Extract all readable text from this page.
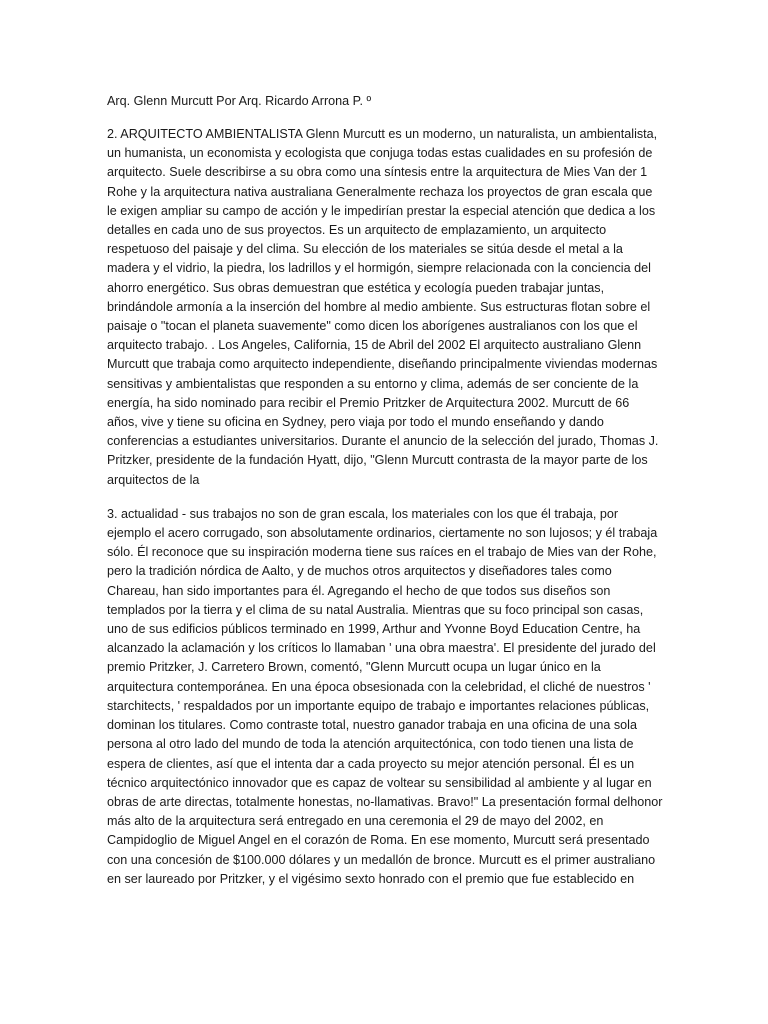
Arq. Glenn Murcutt Por Arq. Ricardo Arrona P. º

2. ARQUITECTO AMBIENTALISTA Glenn Murcutt es un moderno, un naturalista, un ambientalista, un humanista, un economista y ecologista que conjuga todas estas cualidades en su profesión de arquitecto. Suele describirse a su obra como una síntesis entre la arquitectura de Mies Van der 1 Rohe y la arquitectura nativa australiana Generalmente rechaza los proyectos de gran escala que le exigen ampliar su campo de acción y le impedirían prestar la especial atención que dedica a los detalles en cada uno de sus proyectos. Es un arquitecto de emplazamiento, un arquitecto respetuoso del paisaje y del clima. Su elección de los materiales se sitúa desde el metal a la madera y el vidrio, la piedra, los ladrillos y el hormigón, siempre relacionada con la conciencia del ahorro energético. Sus obras demuestran que estética y ecología pueden trabajar juntas, brindándole armonía a la inserción del hombre al medio ambiente. Sus estructuras flotan sobre el paisaje o "tocan el planeta suavemente" como dicen los aborígenes australianos con los que el arquitecto trabajo. . Los Angeles, California, 15 de Abril del 2002 El arquitecto australiano Glenn Murcutt que trabaja como arquitecto independiente, diseñando principalmente viviendas modernas sensitivas y ambientalistas que responden a su entorno y clima, además de ser conciente de la energía, ha sido nominado para recibir el Premio Pritzker de Arquitectura 2002. Murcutt de 66 años, vive y tiene su oficina en Sydney, pero viaja por todo el mundo enseñando y dando conferencias a estudiantes universitarios. Durante el anuncio de la selección del jurado, Thomas J. Pritzker, presidente de la fundación Hyatt, dijo, "Glenn Murcutt contrasta de la mayor parte de los arquitectos de la

3. actualidad - sus trabajos no son de gran escala, los materiales con los que él trabaja, por ejemplo el acero corrugado, son absolutamente ordinarios, ciertamente no son lujosos; y él trabaja sólo. Él reconoce que su inspiración moderna tiene sus raíces en el trabajo de Mies van der Rohe, pero la tradición nórdica de Aalto, y de muchos otros arquitectos y diseñadores tales como Chareau, han sido importantes para él. Agregando el hecho de que todos sus diseños son templados por la tierra y el clima de su natal Australia. Mientras que su foco principal son casas, uno de sus edificios públicos terminado en 1999, Arthur and Yvonne Boyd Education Centre, ha alcanzado la aclamación y los críticos lo llamaban ' una obra maestra'. El presidente del jurado del premio Pritzker, J. Carretero Brown, comentó, "Glenn Murcutt ocupa un lugar único en la arquitectura contemporánea. En una época obsesionada con la celebridad, el cliché de nuestros ' starchitects, ' respaldados por un importante equipo de trabajo e importantes relaciones públicas, dominan los titulares. Como contraste total, nuestro ganador trabaja en una oficina de una sola persona al otro lado del mundo de toda la atención arquitectónica, con todo tienen una lista de espera de clientes, así que el intenta dar a cada proyecto su mejor atención personal. Él es un técnico arquitectónico innovador que es capaz de voltear su sensibilidad al ambiente y al lugar en obras de arte directas, totalmente honestas, no-llamativas. Bravo!" La presentación formal delhonor más alto de la arquitectura será entregado en una ceremonia el 29 de mayo del 2002, en Campidoglio de Miguel Angel en el corazón de Roma. En ese momento, Murcutt será presentado con una concesión de $100.000 dólares y un medallón de bronce. Murcutt es el primer australiano en ser laureado por Pritzker, y el vigésimo sexto honrado con el premio que fue establecido en
